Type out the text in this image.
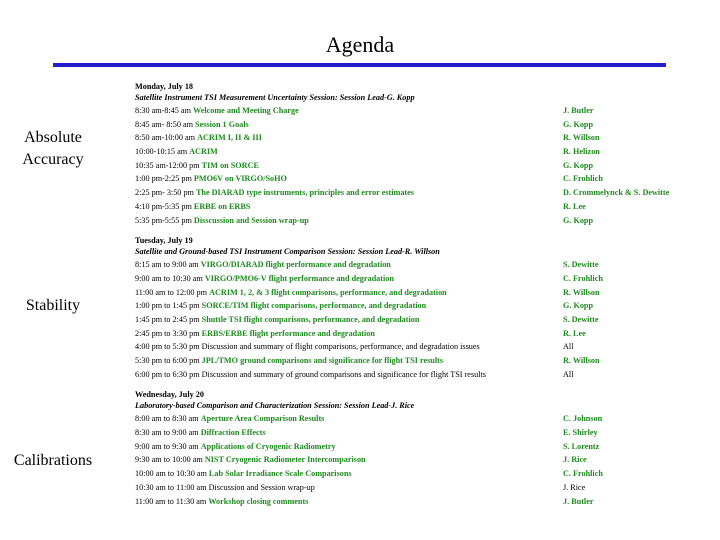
Agenda
Absolute Accuracy
Stability
Calibrations
Monday, July 18
Satellite Instrument TSI Measurement Uncertainty Session: Session Lead-G. Kopp
8:30 am-8:45 am Welcome and Meeting Charge	J. Butler
8:45 am- 8:50 am Session 1 Goals	G. Kopp
8:50 am-10:00 am ACRIM I, II & III	R. Willson
10:00-10:15 am ACRIM	R. Helizon
10:35 am-12:00 pm TIM on SORCE	G. Kopp
1:00 pm-2:25 pm PMO6V on VIRGO/SoHO	C. Frohlich
2:25 pm- 3:50 pm The DIARAD type instruments, principles and error estimates	D. Crommelynck & S. Dewitte
4:10 pm-5:35 pm ERBE on ERBS	R. Lee
5:35 pm-5:55 pm Disscussion and Session wrap-up	G. Kopp
Tuesday, July 19
Satellite and Ground-based TSI Instrument Comparison Session: Session Lead-R. Willson
8:15 am to 9:00 am VIRGO/DIARAD flight performance and degradation	S. Dewitte
9:00 am to 10:30 am VIRGO/PMO6-V flight performance and degradation	C. Frohlich
11:00 am to 12:00 pm ACRIM 1, 2, & 3 flight comparisons, performance, and degradation	R. Willson
1:00 pm to 1:45 pm SORCE/TIM flight comparisons, performance, and degradation	G. Kopp
1:45 pm to 2:45 pm Shuttle TSI flight comparisons, performance, and degradation	S. Dewitte
2:45 pm to 3:30 pm ERBS/ERBE flight performance and degradation	R. Lee
4:00 pm to 5:30 pm Discussion and summary of flight comparisons, performance, and degradation issues	All
5:30 pm to 6:00 pm JPL/TMO ground comparisons and significance for flight TSI results	R. Willson
6:00 pm to 6:30 pm Discussion and summary of ground comparisons and significance for flight TSI results	All
Wednesday, July 20
Laboratory-based Comparison and Characterization Session: Session Lead-J. Rice
8:00 am to 8:30 am Aperture Area Comparison Results	C. Johnson
8:30 am to 9:00 am Diffraction Effects	E. Shirley
9:00 am to 9:30 am Applications of Cryogenic Radiometry	S. Lorentz
9:30 am to 10:00 am NIST Cryogenic Radiometer Intercomparison	J. Rice
10:00 am to 10:30 am Lab Solar Irradiance Scale Comparisons	C. Frohlich
10:30 am to 11:00 am Discussion and Session wrap-up	J. Rice
11:00 am to 11:30 am Workshop closing comments	J. Butler
